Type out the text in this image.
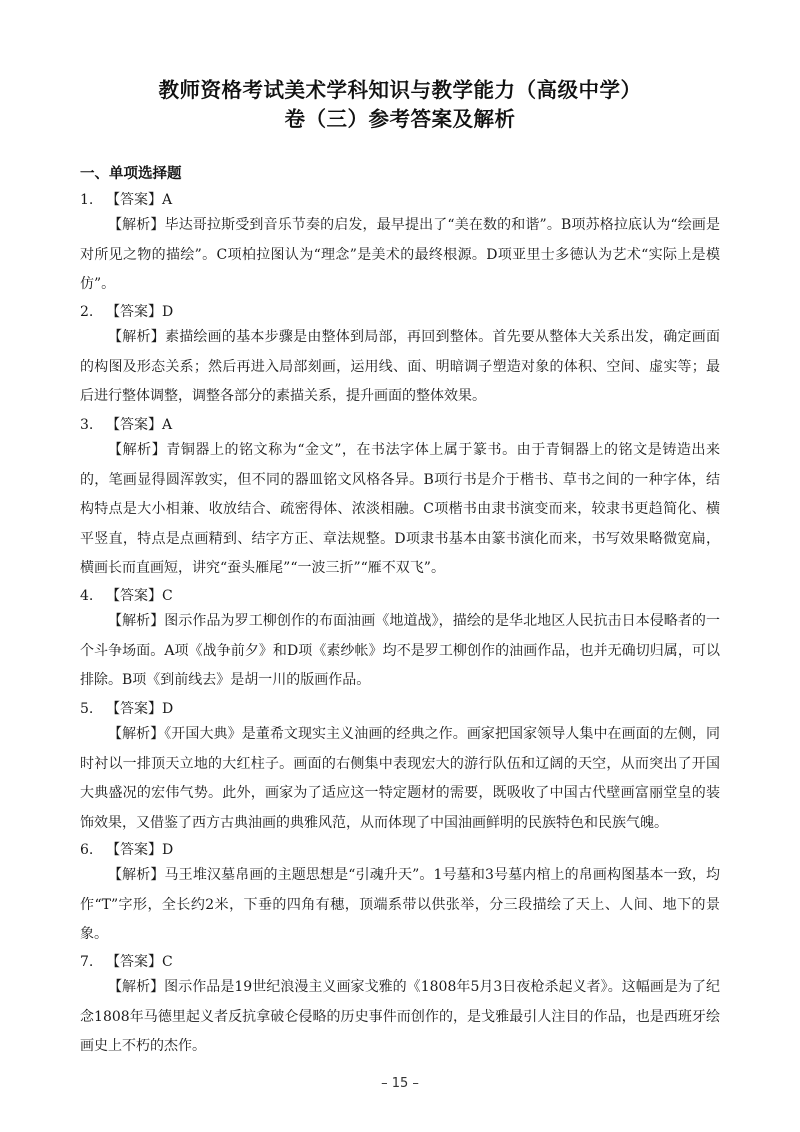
教师资格考试美术学科知识与教学能力（高级中学）
卷（三）参考答案及解析
一、单项选择题
1. 【答案】A
【解析】毕达哥拉斯受到音乐节奏的启发，最早提出了“美在数的和谐”。B项苏格拉底认为“绘画是对所见之物的描绘”。C项柏拉图认为“理念”是美术的最终根源。D项亚里士多德认为艺术“实际上是模仿”。
2. 【答案】D
【解析】素描绘画的基本步骤是由整体到局部，再回到整体。首先要从整体大关系出发，确定画面的构图及形态关系；然后再进入局部刻画，运用线、面、明暗调子塑造对象的体积、空间、虚实等；最后进行整体调整，调整各部分的素描关系，提升画面的整体效果。
3. 【答案】A
【解析】青铜器上的铭文称为“金文”，在书法字体上属于篆书。由于青铜器上的铭文是铸造出来的，笔画显得圆浑敦实，但不同的器皿铭文风格各异。B项行书是介于楷书、草书之间的一种字体，结构特点是大小相兼、收放结合、疏密得体、浓淡相融。C项楷书由隶书演变而来，较隶书更趋简化、横平竖直，特点是点画精到、结字方正、章法规整。D项隶书基本由篆书演化而来，书写效果略微宽扁，横画长而直画短，讲究“蚕头雁尾”“一波三折”“雁不双飞”。
4. 【答案】C
【解析】图示作品为罗工柳创作的布面油画《地道战》，描绘的是华北地区人民抗击日本侵略者的一个斗争场面。A项《战争前夕》和D项《素纱帐》均不是罗工柳创作的油画作品，也并无确切归属，可以排除。B项《到前线去》是胡一川的版画作品。
5. 【答案】D
【解析】《开国大典》是董希文现实主义油画的经典之作。画家把国家领导人集中在画面的左侧，同时衬以一排顶天立地的大红柱子。画面的右侧集中表现宏大的游行队伍和辽阔的天空，从而突出了开国大典盛况的宏伟气势。此外，画家为了适应这一特定题材的需要，既吸收了中国古代壁画富丽堂皇的装饰效果，又借鉴了西方古典油画的典雅风范，从而体现了中国油画鲜明的民族特色和民族气魄。
6. 【答案】D
【解析】马王堆汉墓帛画的主题思想是“引魂升天”。1号墓和3号墓内棺上的帛画构图基本一致，均作“T”字形，全长约2米，下垂的四角有穗，顶端系带以供张举，分三段描绘了天上、人间、地下的景象。
7. 【答案】C
【解析】图示作品是19世纪浪漫主义画家戈雅的《1808年5月3日夜枪杀起义者》。这幅画是为了纪念1808年马德里起义者反抗拿破仑侵略的历史事件而创作的，是戈雅最引人注目的作品，也是西班牙绘画史上不朽的杰作。
– 15 –
